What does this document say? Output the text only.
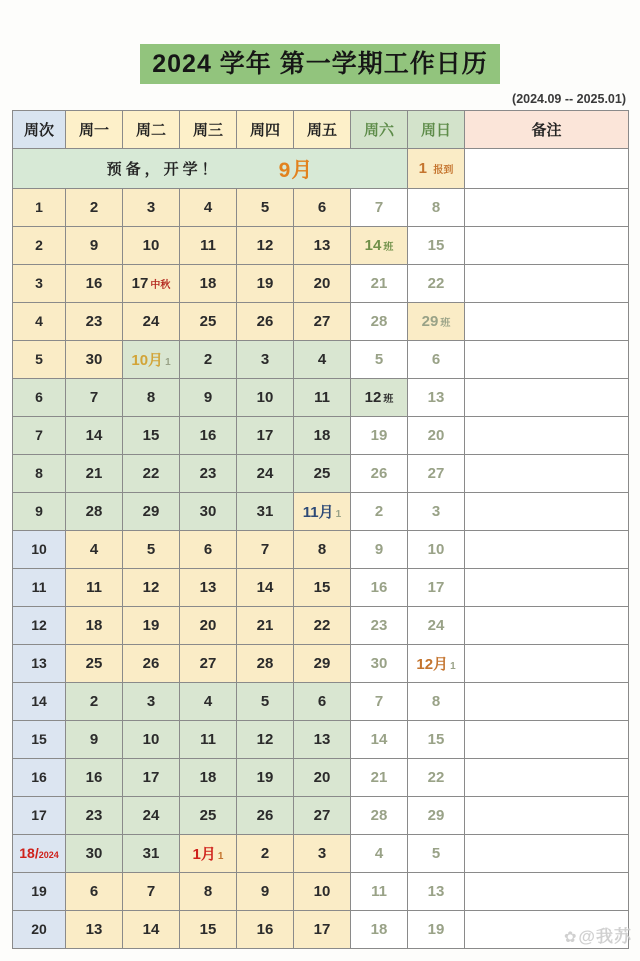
2024 学年 第一学期工作日历
(2024.09 -- 2025.01)
周次	周一	周二	周三	周四	周五	周六	周日	备注

预备，开学！ 9月							1 报到	
1	2	3	4	5	6	7	8	
2	9	10	11	12	13	14 班	15	
3	16	17 中秋	18	19	20	21	22	
4	23	24	25	26	27	28	29 班	
5	30	10月 1	2	3	4	5	6	
6	7	8	9	10	11	12 班	13	
7	14	15	16	17	18	19	20	
8	21	22	23	24	25	26	27	
9	28	29	30	31	11月 1	2	3	
10	4	5	6	7	8	9	10	
11	11	12	13	14	15	16	17	
12	18	19	20	21	22	23	24	
13	25	26	27	28	29	30	12月 1	
14	2	3	4	5	6	7	8	
15	9	10	11	12	13	14	15	
16	16	17	18	19	20	21	22	
17	23	24	25	26	27	28	29	
18/2024	30	31	1月 1	2	3	4	5	
19	6	7	8	9	10	11	13	
20	13	14	15	16	17	18	19		✿@我苏
